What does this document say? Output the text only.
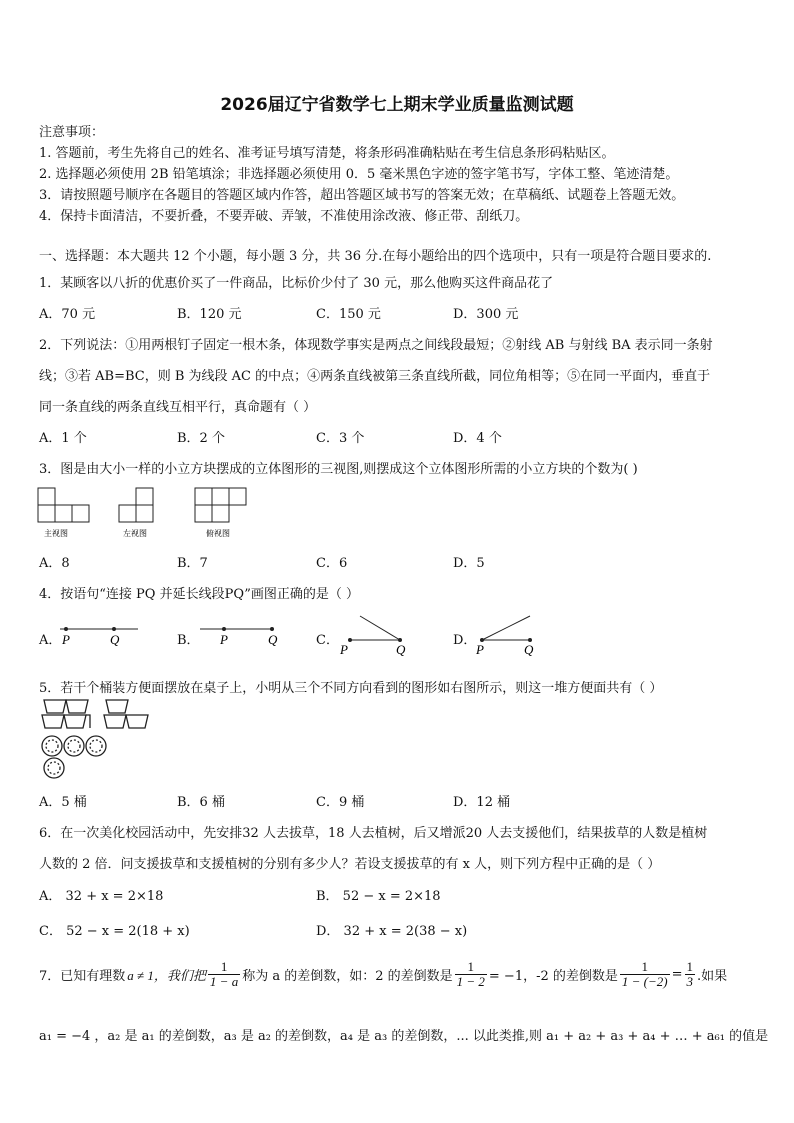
2026届辽宁省数学七上期末学业质量监测试题
注意事项：
1. 答题前，考生先将自己的姓名、准考证号填写清楚，将条形码准确粘贴在考生信息条形码粘贴区。
2. 选择题必须使用 2B 铅笔填涂；非选择题必须使用 0．5 毫米黑色字迹的签字笔书写，字体工整、笔迹清楚。
3．请按照题号顺序在各题目的答题区域内作答，超出答题区域书写的答案无效；在草稿纸、试题卷上答题无效。
4．保持卡面清洁，不要折叠，不要弄破、弄皱，不准使用涂改液、修正带、刮纸刀。
一、选择题：本大题共 12 个小题，每小题 3 分，共 36 分.在每小题给出的四个选项中，只有一项是符合题目要求的.
1．某顾客以八折的优惠价买了一件商品，比标价少付了 30 元，那么他购买这件商品花了
A．70 元	B．120 元	C．150 元	D．300 元
2．下列说法：①用两根钉子固定一根木条，体现数学事实是两点之间线段最短；②射线 AB 与射线 BA 表示同一条射
线；③若 AB=BC，则 B 为线段 AC 的中点；④两条直线被第三条直线所截，同位角相等；⑤在同一平面内，垂直于
同一条直线的两条直线互相平行，真命题有（ ）
A．1 个	B．2 个	C．3 个	D．4 个
3．图是由大小一样的小立方块摆成的立体图形的三视图,则摆成这个立体图形所需的小立方块的个数为( )
主视图	左视图	俯视图
A．8	B．7	C．6	D．5
4．按语句“连接 PQ 并延长线段PQ”画图正确的是（ ）
A． P	Q	B． P	Q	C．
P	Q
D．
P	Q
5．若干个桶装方便面摆放在桌子上，小明从三个不同方向看到的图形如右图所示，则这一堆方便面共有（ ）
A．5 桶	B．6 桶	C．9 桶	D．12 桶
6．在一次美化校园活动中，先安排32 人去拔草，18 人去植树，后又增派20 人去支援他们，结果拔草的人数是植树
人数的 2 倍．问支援拔草和支援植树的分别有多少人？若设支援拔草的有 x 人，则下列方程中正确的是（ ）
A． 32 + x = 2×18	B． 52 − x = 2×18
C． 52 − x = 2(18 + x)	D． 32 + x = 2(38 − x)
7．已知有理数 a ≠ 1，我们把 $\frac{1}{1 - a}$ 称为 a 的差倒数，如：2 的差倒数是 $\frac{1}{1 - 2} = -1$，-2 的差倒数是 $\frac{1}{1 - (-2)} = \frac{1}{3}$ .如果
a₁ = −4 ，a₂ 是 a₁ 的差倒数，a₃ 是 a₂ 的差倒数，a₄ 是 a₃ 的差倒数，... 以此类推,则 a₁ + a₂ + a₃ + a₄ + … + a₆₁ 的值是
